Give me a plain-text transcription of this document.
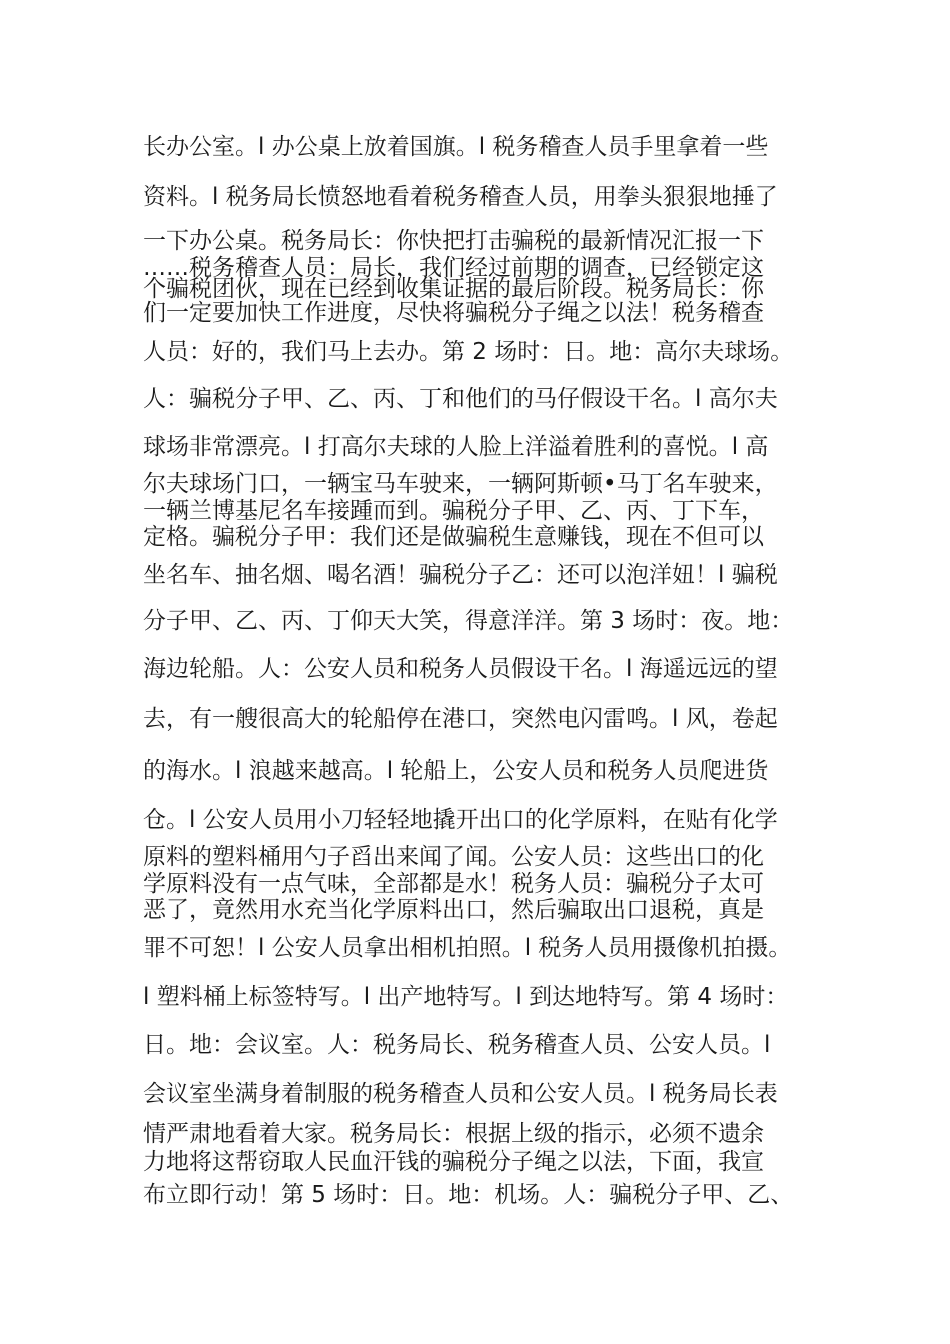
长办公室。l 办公桌上放着国旗。l 税务稽查人员手里拿着一些
资料。l 税务局长愤怒地看着税务稽查人员，用拳头狠狠地捶了
一下办公桌。税务局长：你快把打击骗税的最新情况汇报一下
……税务稽查人员：局长，我们经过前期的调查，已经锁定这
个骗税团伙，现在已经到收集证据的最后阶段。税务局长：你
们一定要加快工作进度，尽快将骗税分子绳之以法！税务稽查
人员：好的，我们马上去办。第 2 场时：日。地：高尔夫球场。
人：骗税分子甲、乙、丙、丁和他们的马仔假设干名。l 高尔夫
球场非常漂亮。l 打高尔夫球的人脸上洋溢着胜利的喜悦。l 高
尔夫球场门口，一辆宝马车驶来，一辆阿斯顿•马丁名车驶来，
一辆兰博基尼名车接踵而到。骗税分子甲、乙、丙、丁下车，
定格。骗税分子甲：我们还是做骗税生意赚钱，现在不但可以
坐名车、抽名烟、喝名酒！骗税分子乙：还可以泡洋妞！l 骗税
分子甲、乙、丙、丁仰天大笑，得意洋洋。第 3 场时：夜。地：
海边轮船。人：公安人员和税务人员假设干名。l 海遥远远的望
去，有一艘很高大的轮船停在港口，突然电闪雷鸣。l 风，卷起
的海水。l 浪越来越高。l 轮船上，公安人员和税务人员爬进货
仓。l 公安人员用小刀轻轻地撬开出口的化学原料，在贴有化学
原料的塑料桶用勺子舀出来闻了闻。公安人员：这些出口的化
学原料没有一点气味，全部都是水！税务人员：骗税分子太可
恶了，竟然用水充当化学原料出口，然后骗取出口退税，真是
罪不可恕！l 公安人员拿出相机拍照。l 税务人员用摄像机拍摄。
l 塑料桶上标签特写。l 出产地特写。l 到达地特写。第 4 场时：
日。地：会议室。人：税务局长、税务稽查人员、公安人员。l
会议室坐满身着制服的税务稽查人员和公安人员。l 税务局长表
情严肃地看着大家。税务局长：根据上级的指示，必须不遗余
力地将这帮窃取人民血汗钱的骗税分子绳之以法，下面，我宣
布立即行动！第 5 场时：日。地：机场。人：骗税分子甲、乙、
